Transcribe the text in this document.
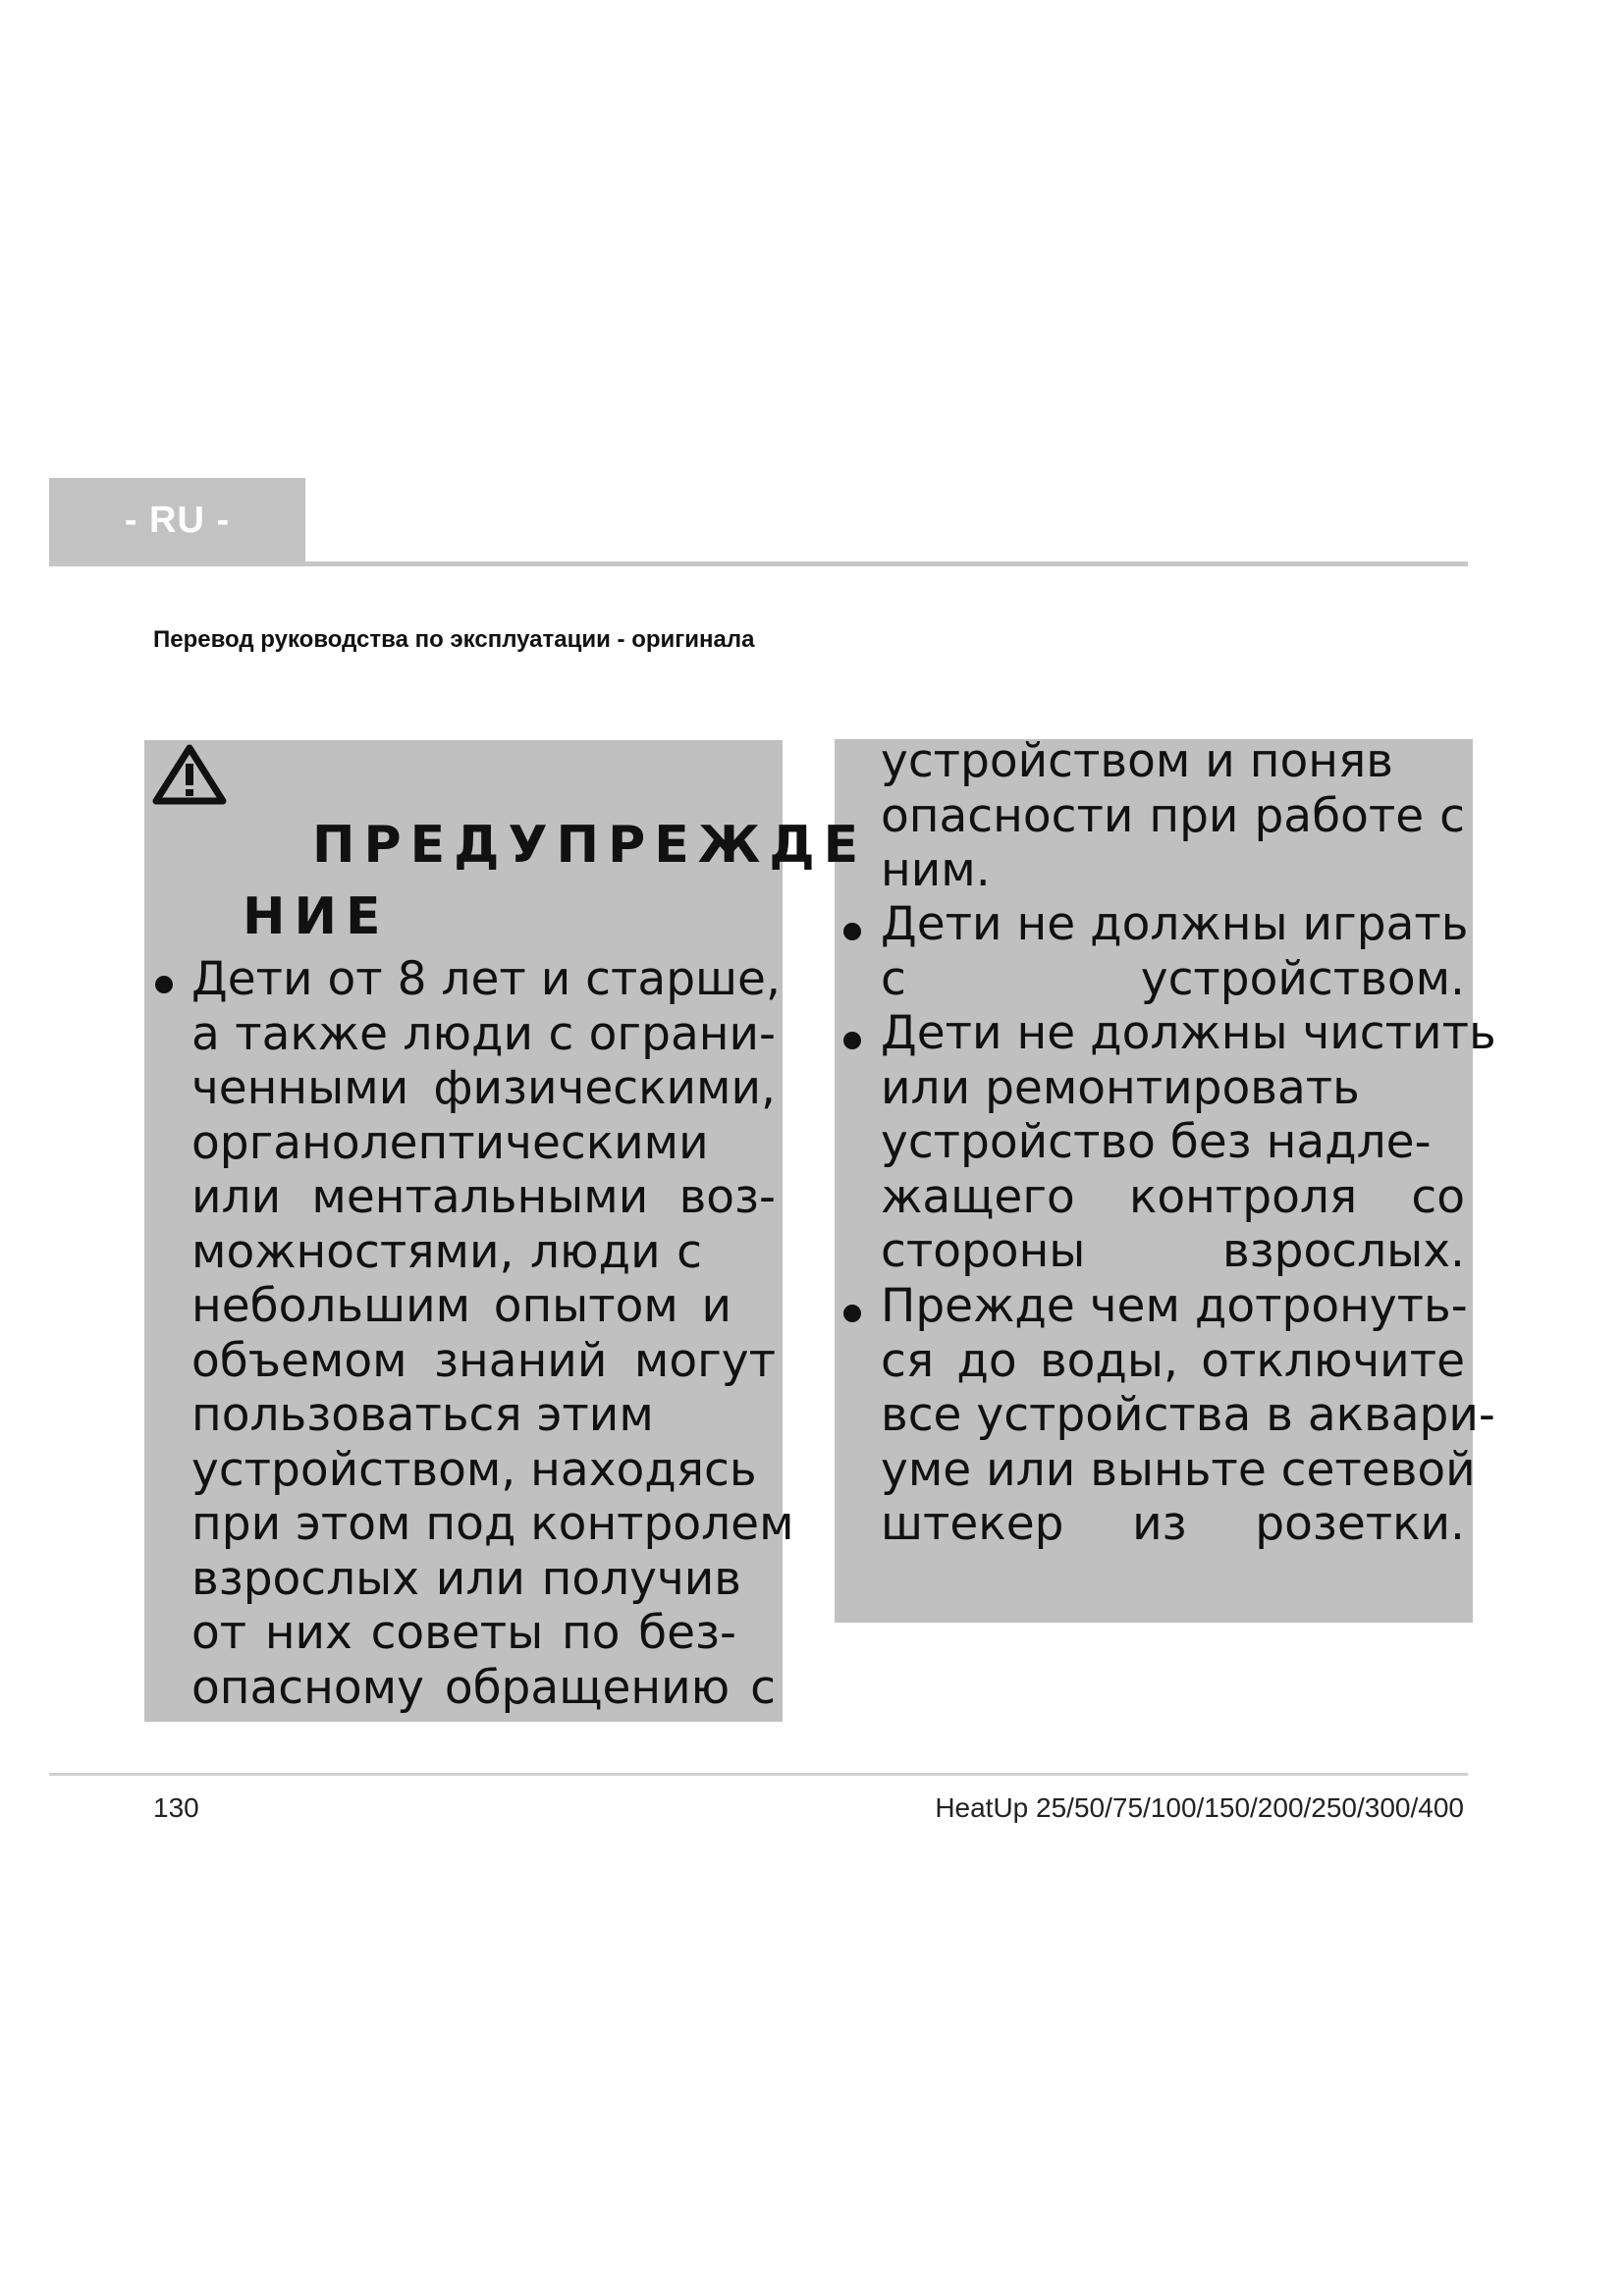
- RU -
Перевод руководства по эксплуатации - оригинала
ПРЕДУПРЕЖДЕ
НИЕ
Дети от 8 лет и старше,
а также люди с ограни-
ченными физическими,
органолептическими
или ментальными воз-
можностями, люди с
небольшим опытом и
объемом знаний могут
пользоваться этим
устройством, находясь
при этом под контролем
взрослых или получив
от них советы по без-
опасному обращению с
устройством и поняв
опасности при работе с
ним.
Дети не должны играть
с устройством.
Дети не должны чистить
или ремонтировать
устройство без надле-
жащего контроля со
стороны взрослых.
Прежде чем дотронуть-
ся до воды, отключите
все устройства в аквари-
уме или выньте сетевой
штекер из розетки.
130	HeatUp 25/50/75/100/150/200/250/300/400
